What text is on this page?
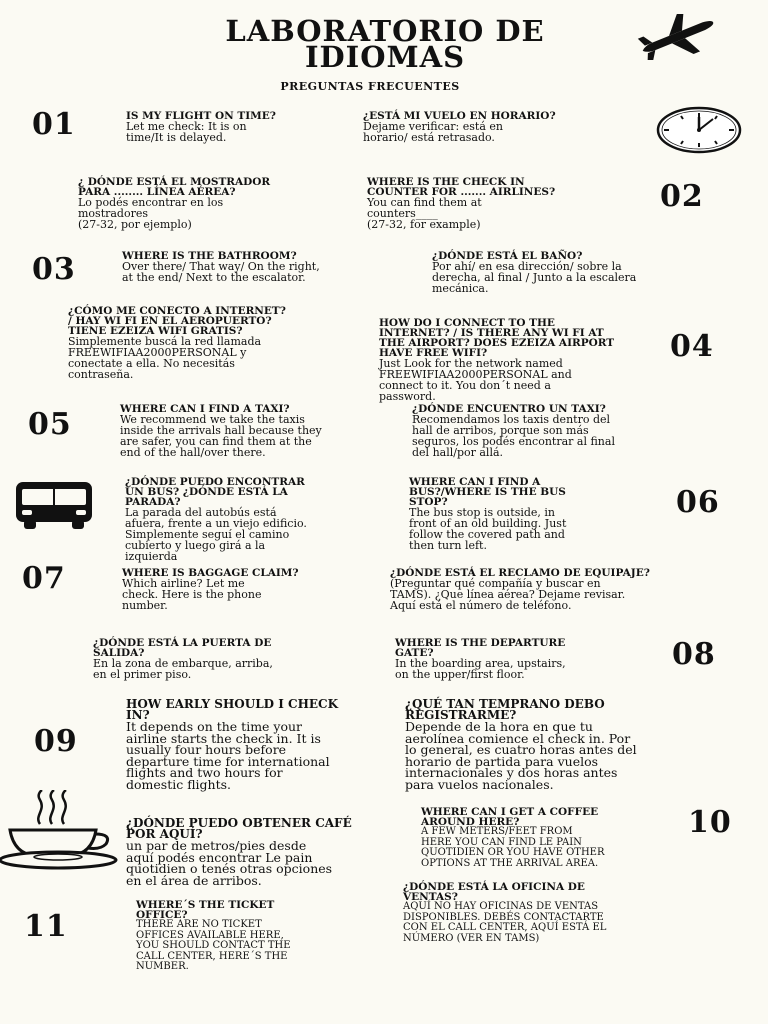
LABORATORIO DE IDIOMAS
PREGUNTAS FRECUENTES
01
02
03
04
05
06
07
08
09
10
11
IS MY FLIGHT ON TIME?
Let me check: It is on
time/It is delayed.
¿ESTÁ MI VUELO EN HORARIO?
Dejame verificar: está en
horario/ está retrasado.
¿ DÓNDE ESTÁ EL MOSTRADOR
PARA ........ LÍNEA AÉREA?
Lo podés encontrar en los
mostradores
(27-32, por ejemplo)
WHERE IS THE CHECK IN
COUNTER FOR ....... AIRLINES?
You can find them at
counters____
(27-32, for example)
WHERE IS THE BATHROOM?
Over there/ That way/ On the right,
at the end/ Next to the escalator.
¿DÓNDE ESTÁ EL BAÑO?
Por ahí/ en esa dirección/ sobre la
derecha, al final / Junto a la escalera
mecánica.
¿CÓMO ME CONECTO A INTERNET?
/ HAY WI FI EN EL AEROPUERTO?
TIENE EZEIZA WIFI GRATIS?
Simplemente buscá la red llamada
FREEWIFIAA2000PERSONAL y
conectate a ella. No necesitás
contraseña.
HOW DO I CONNECT TO THE
INTERNET? / IS THERE ANY WI FI AT
THE AIRPORT? DOES EZEIZA AIRPORT
HAVE FREE WIFI?
Just Look for the network named
FREEWIFIAA2000PERSONAL and
connect to it. You don´t need a
password.
WHERE CAN I FIND A TAXI?
We recommend we take the taxis
inside the arrivals hall because they
are safer, you can find them at the
end of the hall/over there.
¿DÓNDE ENCUENTRO UN TAXI?
Recomendamos los taxis dentro del
hall de arribos, porque son más
seguros, los podés encontrar al final
del hall/por allá.
¿DÓNDE PUEDO ENCONTRAR
UN BUS? ¿DÓNDE ESTÁ LA
PARADA?
La parada del autobús está
afuera, frente a un viejo edificio.
Simplemente seguí el camino
cubierto y luego girá a la
izquierda
WHERE CAN I FIND A
BUS?/WHERE IS THE BUS
STOP?
The bus stop is outside, in
front of an old building. Just
follow the covered path and
then turn left.
WHERE IS BAGGAGE CLAIM?
Which airline? Let me
check. Here is the phone
number.
¿DÓNDE ESTÁ EL RECLAMO DE EQUIPAJE?
(Preguntar qué compañía y buscar en
TAMS). ¿Que línea aérea? Dejame revisar.
Aquí está el número de teléfono.
¿DÓNDE ESTÁ LA PUERTA DE
SALIDA?
En la zona de embarque, arriba,
en el primer piso.
WHERE IS THE DEPARTURE
GATE?
In the boarding area, upstairs,
on the upper/first floor.
HOW EARLY SHOULD I CHECK
IN?
It depends on the time your
airline starts the check in. It is
usually four hours before
departure time for international
flights and two hours for
domestic flights.
¿QUÉ TAN TEMPRANO DEBO
REGISTRARME?
Depende de la hora en que tu
aerolínea comience el check in. Por
lo general, es cuatro horas antes del
horario de partida para vuelos
internacionales y dos horas antes
para vuelos nacionales.
¿DÓNDE PUEDO OBTENER CAFÉ
POR AQUÍ?
un par de metros/pies desde
aquí podés encontrar Le pain
quotidien o tenés otras opciones
en el área de arribos.
WHERE CAN I GET A COFFEE
AROUND HERE?
A FEW METERS/FEET FROM
HERE YOU CAN FIND LE PAIN
QUOTIDIEN OR YOU HAVE OTHER
OPTIONS AT THE ARRIVAL AREA.
¿DÓNDE ESTÁ LA OFICINA DE
VENTAS?
AQUÍ NO HAY OFICINAS DE VENTAS
DISPONIBLES. DEBÉS CONTACTARTE
CON EL CALL CENTER, AQUÍ ESTÁ EL
NÚMERO (VER EN TAMS)
WHERE´S THE TICKET
OFFICE?
THERE ARE NO TICKET
OFFICES AVAILABLE HERE,
YOU SHOULD CONTACT THE
CALL CENTER, HERE´S THE
NUMBER.
